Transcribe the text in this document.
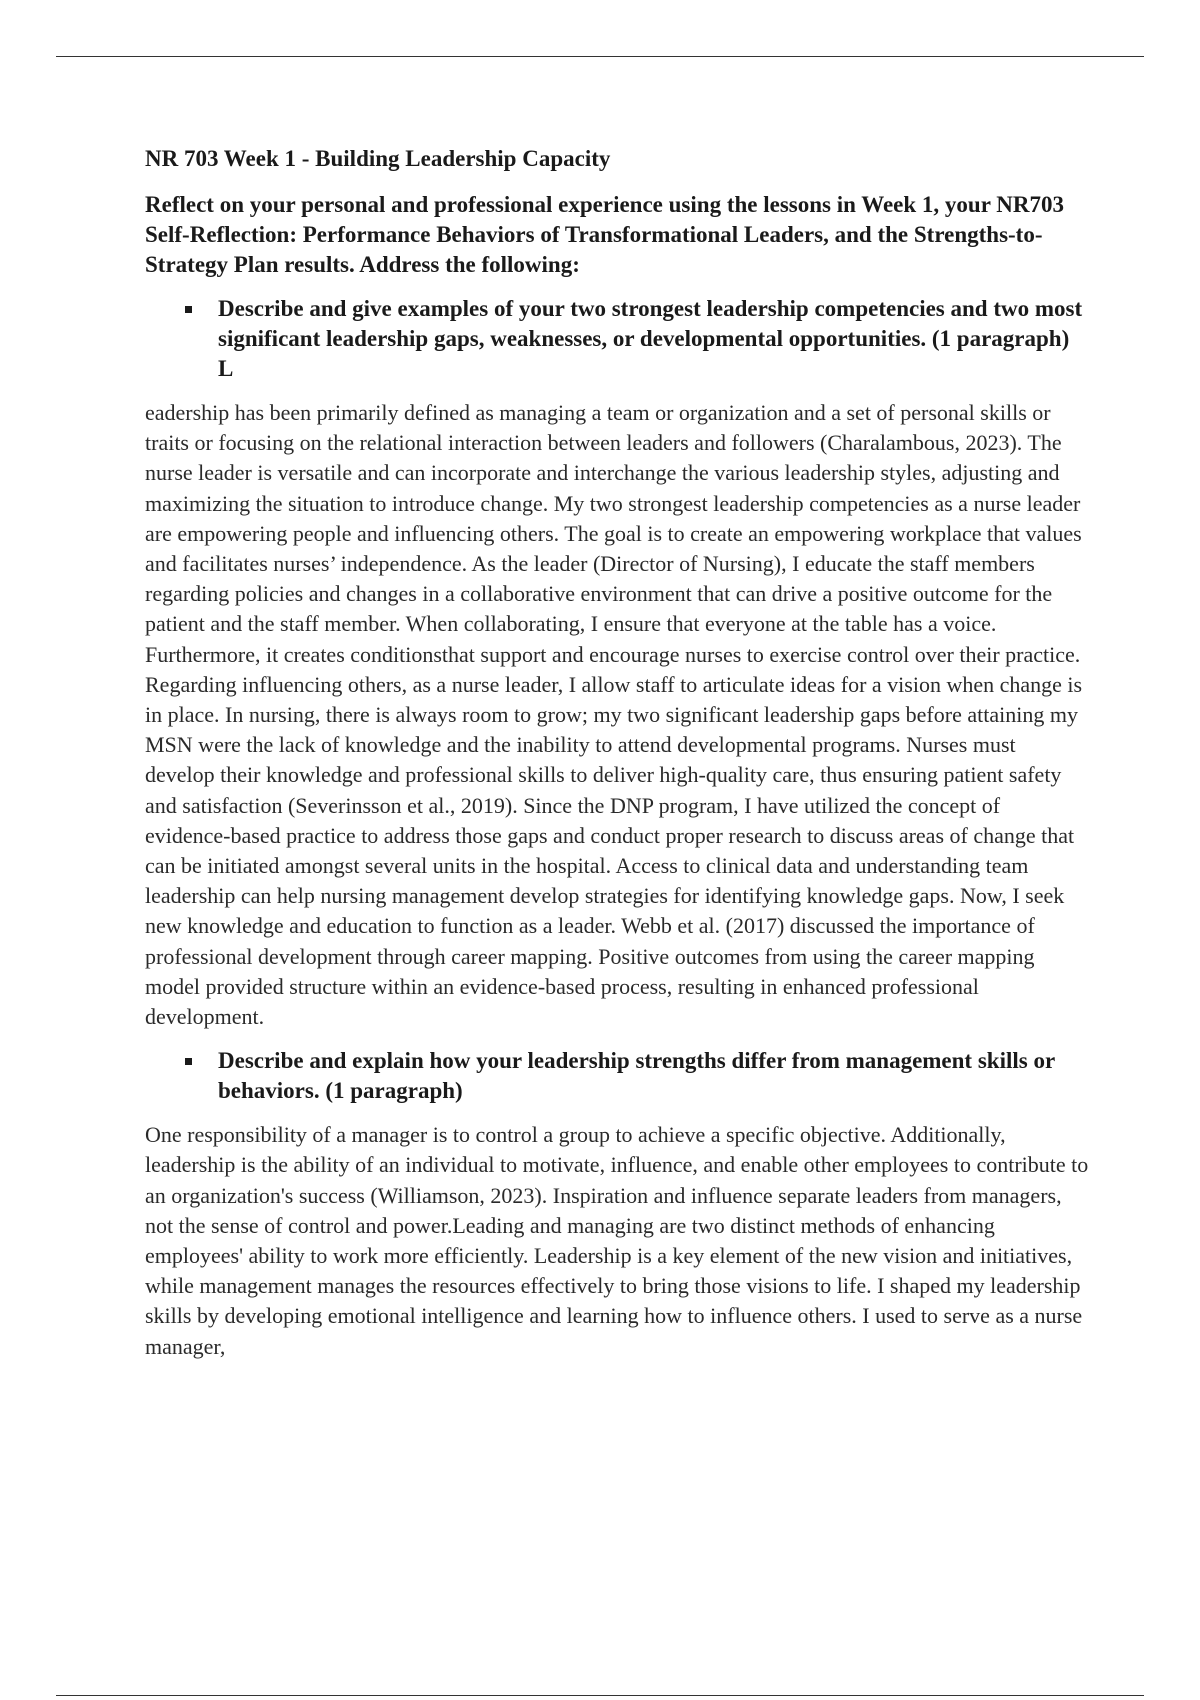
NR 703 Week 1 - Building Leadership Capacity
Reflect on your personal and professional experience using the lessons in Week 1, your NR703 Self-Reflection: Performance Behaviors of Transformational Leaders, and the Strengths-to- Strategy Plan results. Address the following:
Describe and give examples of your two strongest leadership competencies and two most significant leadership gaps, weaknesses, or developmental opportunities. (1 paragraph) L
eadership has been primarily defined as managing a team or organization and a set of personal skills or traits or focusing on the relational interaction between leaders and followers (Charalambous, 2023). The nurse leader is versatile and can incorporate and interchange the various leadership styles, adjusting and maximizing the situation to introduce change. My two strongest leadership competencies as a nurse leader are empowering people and influencing others. The goal is to create an empowering workplace that values and facilitates nurses’ independence. As the leader (Director of Nursing), I educate the staff members regarding policies and changes in a collaborative environment that can drive a positive outcome for the patient and the staff member. When collaborating, I ensure that everyone at the table has a voice. Furthermore, it creates conditionsthat support and encourage nurses to exercise control over their practice. Regarding influencing others, as a nurse leader, I allow staff to articulate ideas for a vision when change is in place. In nursing, there is always room to grow; my two significant leadership gaps before attaining my MSN were the lack of knowledge and the inability to attend developmental programs. Nurses must develop their knowledge and professional skills to deliver high-quality care, thus ensuring patient safety and satisfaction (Severinsson et al., 2019). Since the DNP program, I have utilized the concept of evidence-based practice to address those gaps and conduct proper research to discuss areas of change that can be initiated amongst several units in the hospital. Access to clinical data and understanding team leadership can help nursing management develop strategies for identifying knowledge gaps. Now, I seek new knowledge and education to function as a leader. Webb et al. (2017) discussed the importance of professional development through career mapping. Positive outcomes from using the career mapping model provided structure within an evidence-based process, resulting in enhanced professional development.
Describe and explain how your leadership strengths differ from management skills or behaviors. (1 paragraph)
One responsibility of a manager is to control a group to achieve a specific objective. Additionally, leadership is the ability of an individual to motivate, influence, and enable other employees to contribute to an organization's success (Williamson, 2023). Inspiration and influence separate leaders from managers, not the sense of control and power.Leading and managing are two distinct methods of enhancing employees' ability to work more efficiently. Leadership is a key element of the new vision and initiatives, while management manages the resources effectively to bring those visions to life. I shaped my leadership skills by developing emotional intelligence and learning how to influence others. I used to serve as a nurse manager,
